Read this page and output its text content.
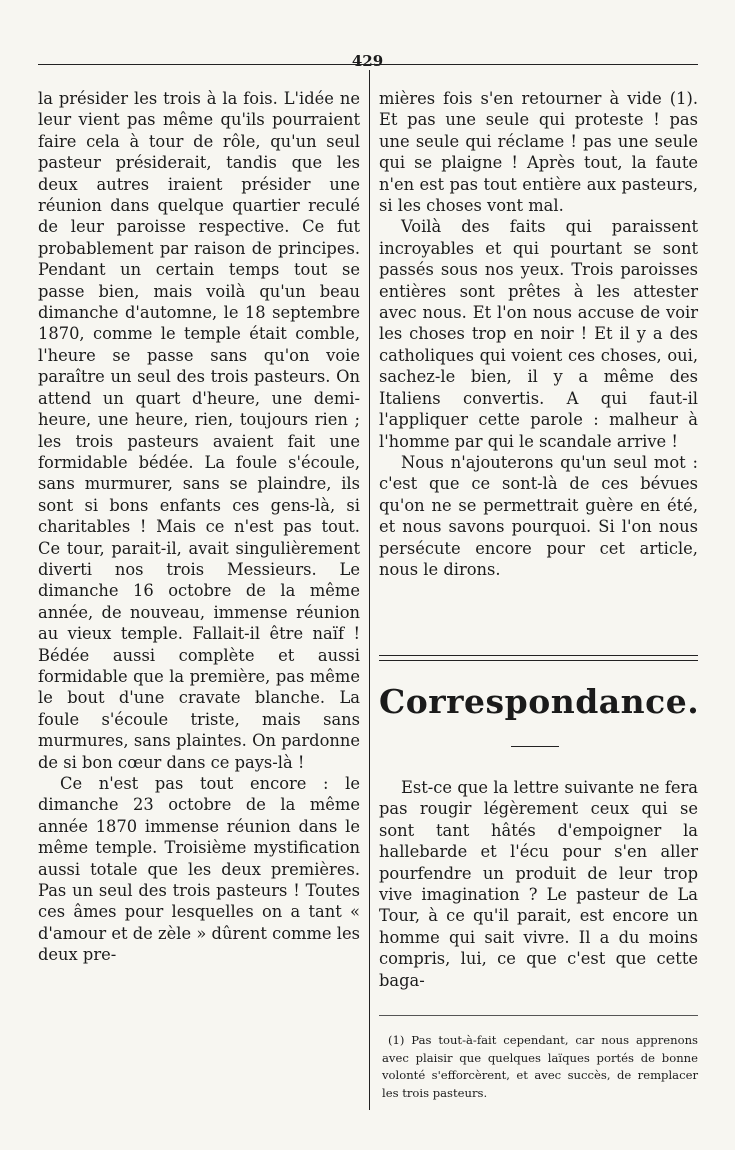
429

la présider les trois à la fois. L'idée ne leur vient pas même qu'ils pourraient faire cela à tour de rôle, qu'un seul pasteur présiderait, tandis que les deux autres iraient présider une réunion dans quelque quartier reculé de leur paroisse respective. Ce fut probablement par raison de principes. Pendant un certain temps tout se passe bien, mais voilà qu'un beau dimanche d'automne, le 18 septembre 1870, comme le temple était comble, l'heure se passe sans qu'on voie paraître un seul des trois pasteurs. On attend un quart d'heure, une demi-heure, une heure, rien, toujours rien ; les trois pasteurs avaient fait une formidable bédée. La foule s'écoule, sans murmurer, sans se plaindre, ils sont si bons enfants ces gens-là, si charitables ! Mais ce n'est pas tout. Ce tour, parait-il, avait singulièrement diverti nos trois Messieurs. Le dimanche 16 octobre de la même année, de nouveau, immense réunion au vieux temple. Fallait-il être naïf ! Bédée aussi complète et aussi formidable que la première, pas même le bout d'une cravate blanche. La foule s'écoule triste, mais sans murmures, sans plaintes. On pardonne de si bon cœur dans ce pays-là !

Ce n'est pas tout encore : le dimanche 23 octobre de la même année 1870 immense réunion dans le même temple. Troisième mystification aussi totale que les deux premières. Pas un seul des trois pasteurs ! Toutes ces âmes pour lesquelles on a tant « d'amour et de zèle » dûrent comme les deux pre-

mières fois s'en retourner à vide (1). Et pas une seule qui proteste ! pas une seule qui réclame ! pas une seule qui se plaigne ! Après tout, la faute n'en est pas tout entière aux pasteurs, si les choses vont mal.

Voilà des faits qui paraissent incroyables et qui pourtant se sont passés sous nos yeux. Trois paroisses entières sont prêtes à les attester avec nous. Et l'on nous accuse de voir les choses trop en noir ! Et il y a des catholiques qui voient ces choses, oui, sachez-le bien, il y a même des Italiens convertis. A qui faut-il l'appliquer cette parole : malheur à l'homme par qui le scandale arrive !

Nous n'ajouterons qu'un seul mot : c'est que ce sont-là de ces bévues qu'on ne se permettrait guère en été, et nous savons pourquoi. Si l'on nous persécute encore pour cet article, nous le dirons.

Correspondance.

Est-ce que la lettre suivante ne fera pas rougir légèrement ceux qui se sont tant hâtés d'empoigner la hallebarde et l'écu pour s'en aller pourfendre un produit de leur trop vive imagination ? Le pasteur de La Tour, à ce qu'il parait, est encore un homme qui sait vivre. Il a du moins compris, lui, ce que c'est que cette baga-

(1) Pas tout-à-fait cependant, car nous apprenons avec plaisir que quelques laïques portés de bonne volonté s'efforcèrent, et avec succès, de remplacer les trois pasteurs.
